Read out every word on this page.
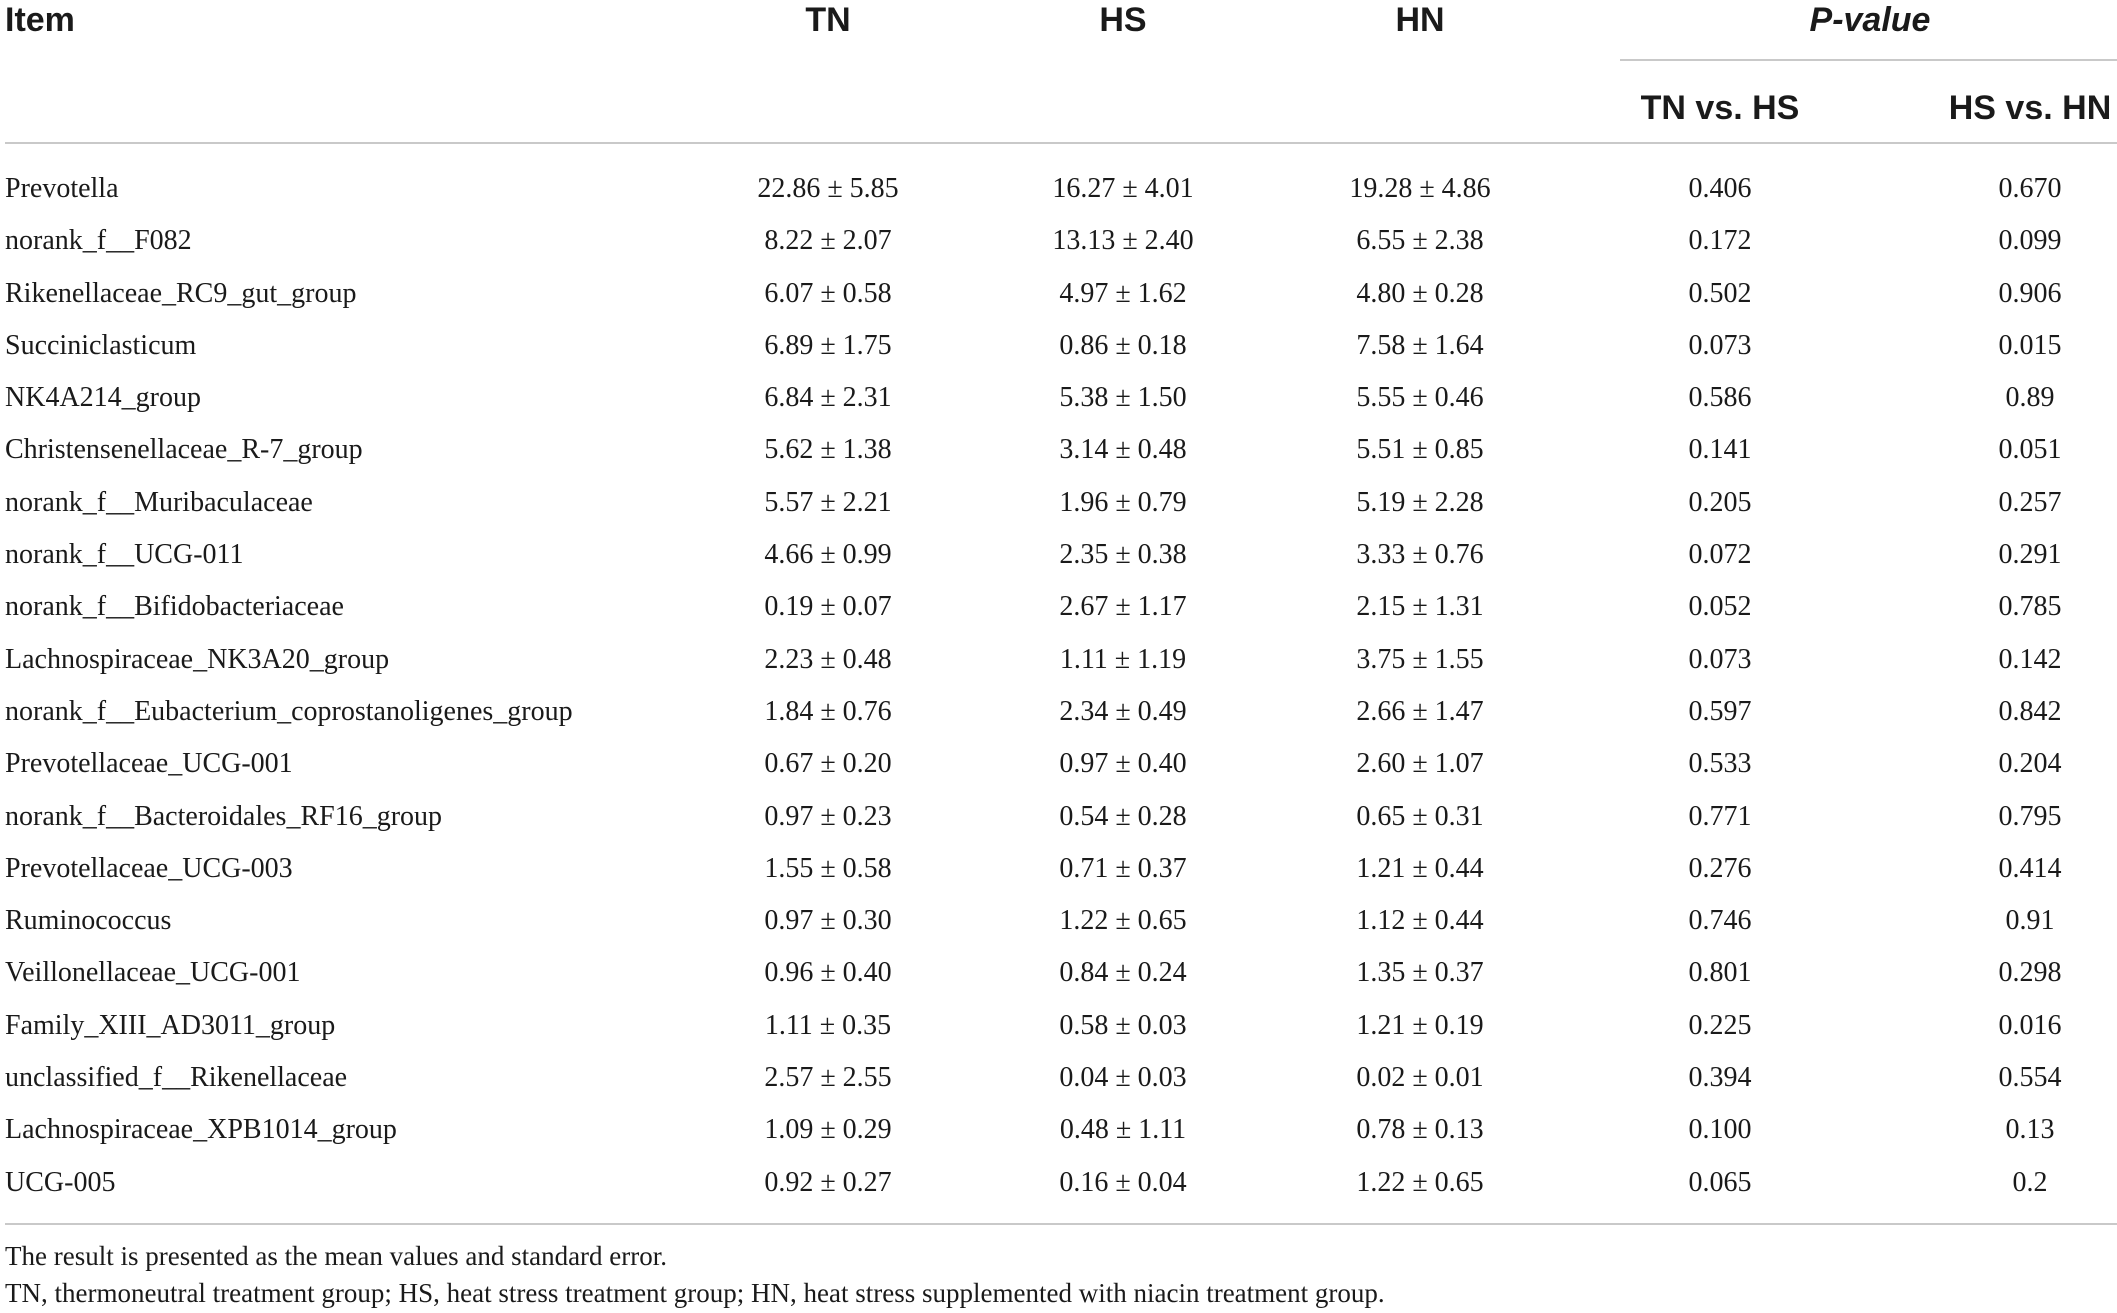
Item	TN	HS	HN	P-value
TN vs. HS	HS vs. HN
Prevotella	22.86 ± 5.85	16.27 ± 4.01	19.28 ± 4.86	0.406	0.670
norank_f__F082	8.22 ± 2.07	13.13 ± 2.40	6.55 ± 2.38	0.172	0.099
Rikenellaceae_RC9_gut_group	6.07 ± 0.58	4.97 ± 1.62	4.80 ± 0.28	0.502	0.906
Succiniclasticum	6.89 ± 1.75	0.86 ± 0.18	7.58 ± 1.64	0.073	0.015
NK4A214_group	6.84 ± 2.31	5.38 ± 1.50	5.55 ± 0.46	0.586	0.89
Christensenellaceae_R-7_group	5.62 ± 1.38	3.14 ± 0.48	5.51 ± 0.85	0.141	0.051
norank_f__Muribaculaceae	5.57 ± 2.21	1.96 ± 0.79	5.19 ± 2.28	0.205	0.257
norank_f__UCG-011	4.66 ± 0.99	2.35 ± 0.38	3.33 ± 0.76	0.072	0.291
norank_f__Bifidobacteriaceae	0.19 ± 0.07	2.67 ± 1.17	2.15 ± 1.31	0.052	0.785
Lachnospiraceae_NK3A20_group	2.23 ± 0.48	1.11 ± 1.19	3.75 ± 1.55	0.073	0.142
norank_f__Eubacterium_coprostanoligenes_group	1.84 ± 0.76	2.34 ± 0.49	2.66 ± 1.47	0.597	0.842
Prevotellaceae_UCG-001	0.67 ± 0.20	0.97 ± 0.40	2.60 ± 1.07	0.533	0.204
norank_f__Bacteroidales_RF16_group	0.97 ± 0.23	0.54 ± 0.28	0.65 ± 0.31	0.771	0.795
Prevotellaceae_UCG-003	1.55 ± 0.58	0.71 ± 0.37	1.21 ± 0.44	0.276	0.414
Ruminococcus	0.97 ± 0.30	1.22 ± 0.65	1.12 ± 0.44	0.746	0.91
Veillonellaceae_UCG-001	0.96 ± 0.40	0.84 ± 0.24	1.35 ± 0.37	0.801	0.298
Family_XIII_AD3011_group	1.11 ± 0.35	0.58 ± 0.03	1.21 ± 0.19	0.225	0.016
unclassified_f__Rikenellaceae	2.57 ± 2.55	0.04 ± 0.03	0.02 ± 0.01	0.394	0.554
Lachnospiraceae_XPB1014_group	1.09 ± 0.29	0.48 ± 1.11	0.78 ± 0.13	0.100	0.13
UCG-005	0.92 ± 0.27	0.16 ± 0.04	1.22 ± 0.65	0.065	0.2
The result is presented as the mean values and standard error.
TN, thermoneutral treatment group; HS, heat stress treatment group; HN, heat stress supplemented with niacin treatment group.
